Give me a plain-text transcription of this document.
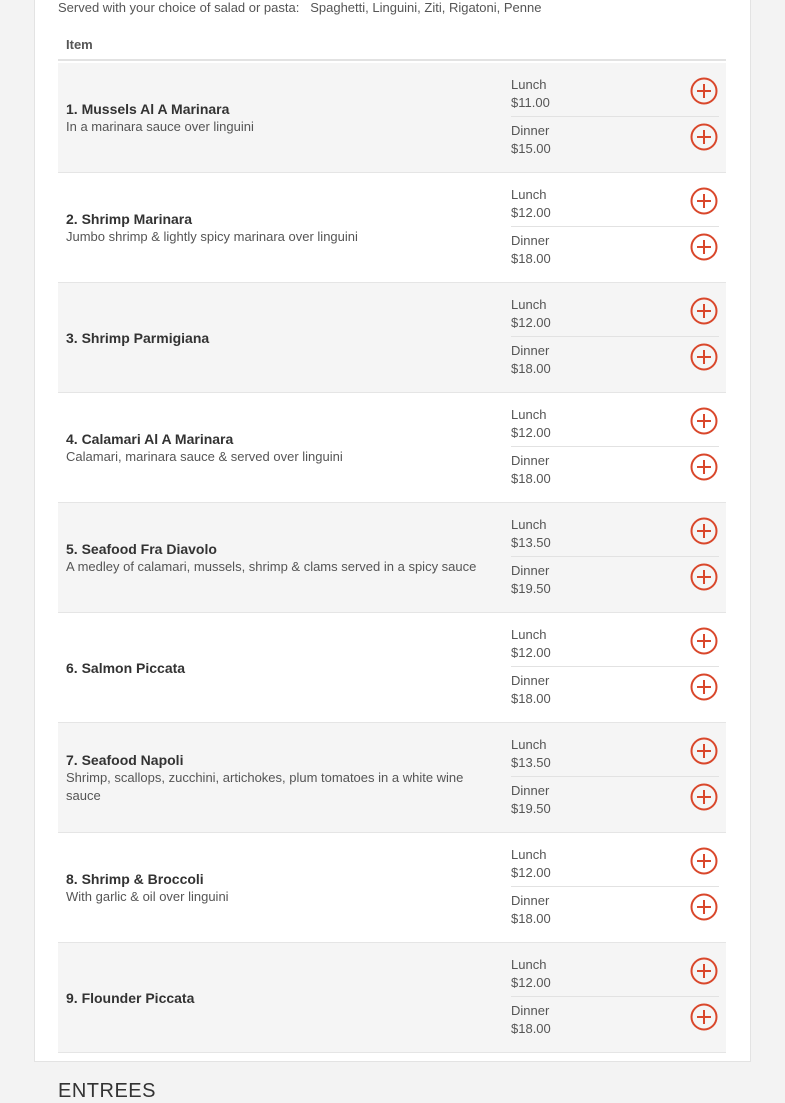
Served with your choice of salad or pasta: Spaghetti, Linguini, Ziti, Rigatoni, Penne
Item
1. Mussels Al A Marinara
In a marinara sauce over linguini
Lunch
$11.00
Dinner
$15.00
2. Shrimp Marinara
Jumbo shrimp & lightly spicy marinara over linguini
Lunch
$12.00
Dinner
$18.00
3. Shrimp Parmigiana
Lunch
$12.00
Dinner
$18.00
4. Calamari Al A Marinara
Calamari, marinara sauce & served over linguini
Lunch
$12.00
Dinner
$18.00
5. Seafood Fra Diavolo
A medley of calamari, mussels, shrimp & clams served in a spicy sauce
Lunch
$13.50
Dinner
$19.50
6. Salmon Piccata
Lunch
$12.00
Dinner
$18.00
7. Seafood Napoli
Shrimp, scallops, zucchini, artichokes, plum tomatoes in a white wine sauce
Lunch
$13.50
Dinner
$19.50
8. Shrimp & Broccoli
With garlic & oil over linguini
Lunch
$12.00
Dinner
$18.00
9. Flounder Piccata
Lunch
$12.00
Dinner
$18.00
ENTREES
